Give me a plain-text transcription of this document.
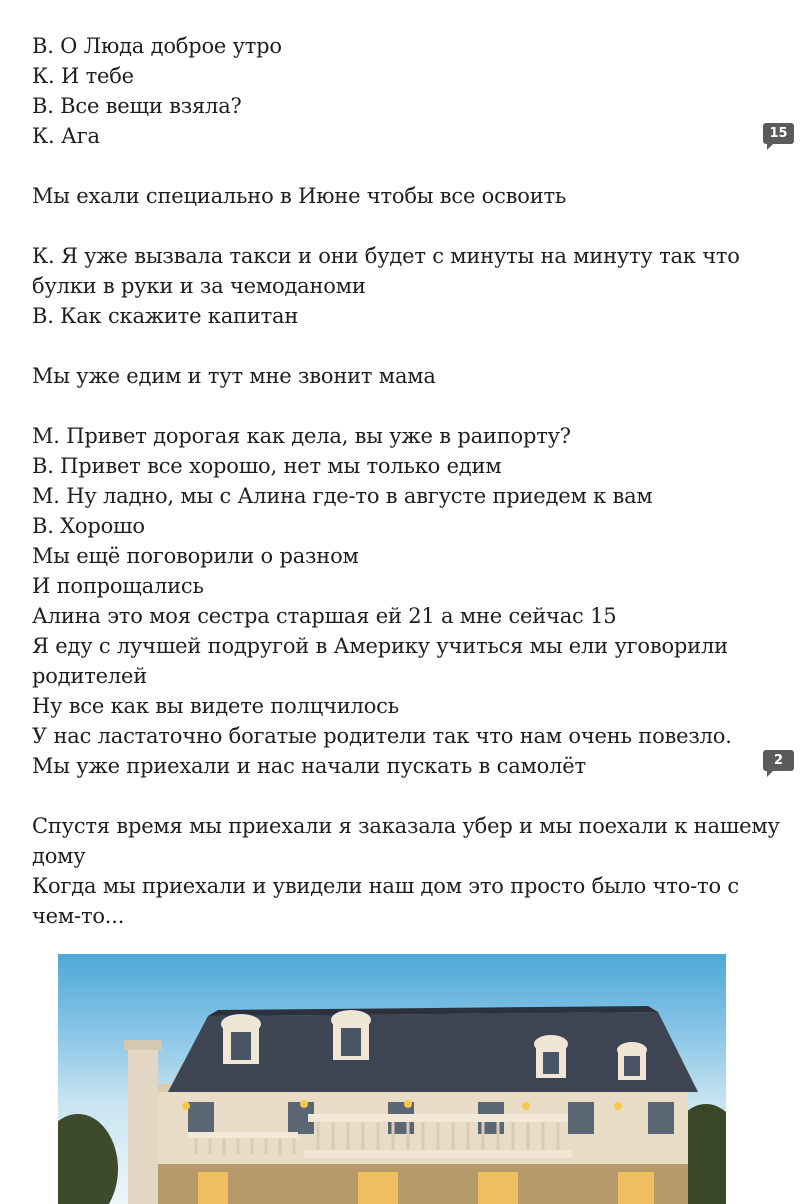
В. О Люда доброе утро
К. И тебе
В. Все вещи взяла?
К. Ага
Мы ехали специально в Июне чтобы все освоить
К. Я уже вызвала такси и они будет с минуты на минуту так что
булки в руки и за чемоданоми
В. Как скажите капитан
Мы уже едим и тут мне звонит мама
М. Привет дорогая как дела, вы уже в раипорту?
В. Привет все хорошо, нет мы только едим
М. Ну ладно, мы с Алина где-то в августе приедем к вам
В. Хорошо
Мы ещё поговорили о разном
И попрощались
Алина это моя сестра старшая ей 21 а мне сейчас 15
Я еду с лучшей подругой в Америку учиться мы ели уговорили
родителей
Ну все как вы видете полцчилось
У нас ластаточно богатые родители так что нам очень повезло.
Мы уже приехали и нас начали пускать в самолёт
Спустя время мы приехали я заказала убер и мы поехали к нашему
дому
Когда мы приехали и увидели наш дом это просто было что-то с
чем-то...
15
2
